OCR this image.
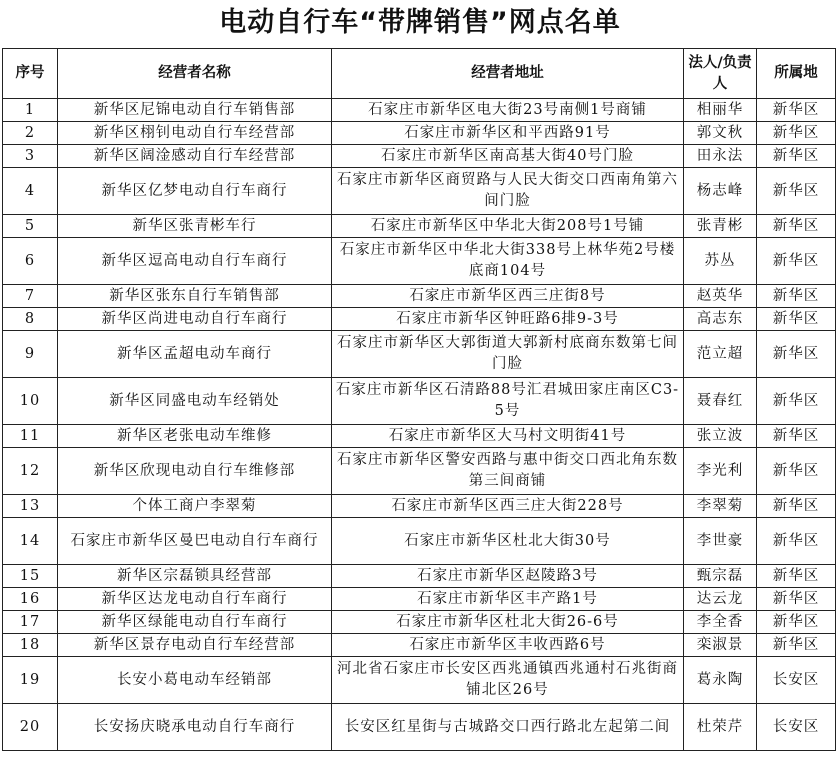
电动自行车“带牌销售”网点名单
序号	经营者名称	经营者地址	法人/负责人	所属地
1	新华区尼锦电动自行车销售部	石家庄市新华区电大街23号南侧1号商铺	相丽华	新华区
2	新华区栩钊电动自行车经营部	石家庄市新华区和平西路91号	郭文秋	新华区
3	新华区阔淦感动自行车经营部	石家庄市新华区南高基大街40号门脸	田永法	新华区
4	新华区亿梦电动自行车商行	石家庄市新华区商贸路与人民大街交口西南角第六间门脸	杨志峰	新华区
5	新华区张青彬车行	石家庄市新华区中华北大街208号1号铺	张青彬	新华区
6	新华区逗高电动自行车商行	石家庄市新华区中华北大街338号上林华苑2号楼底商104号	苏丛	新华区
7	新华区张东自行车销售部	石家庄市新华区西三庄街8号	赵英华	新华区
8	新华区尚进电动自行车商行	石家庄市新华区钟旺路6排9-3号	高志东	新华区
9	新华区孟超电动车商行	石家庄市新华区大郭街道大郭新村底商东数第七间门脸	范立超	新华区
10	新华区同盛电动车经销处	石家庄市新华区石清路88号汇君城田家庄南区C3-5号	聂春红	新华区
11	新华区老张电动车维修	石家庄市新华区大马村文明街41号	张立波	新华区
12	新华区欣现电动自行车维修部	石家庄市新华区警安西路与惠中街交口西北角东数第三间商铺	李光利	新华区
13	个体工商户李翠菊	石家庄市新华区西三庄大街228号	李翠菊	新华区
14	石家庄市新华区曼巴电动自行车商行	石家庄市新华区杜北大街30号	李世豪	新华区
15	新华区宗磊锁具经营部	石家庄市新华区赵陵路3号	甄宗磊	新华区
16	新华区达龙电动自行车商行	石家庄市新华区丰产路1号	达云龙	新华区
17	新华区绿能电动自行车商行	石家庄市新华区杜北大街26-6号	李全香	新华区
18	新华区景存电动自行车经营部	石家庄市新华区丰收西路6号	栾淑景	新华区
19	长安小葛电动车经销部	河北省石家庄市长安区西兆通镇西兆通村石兆街商铺北区26号	葛永陶	长安区
20	长安扬庆晓承电动自行车商行	长安区红星街与古城路交口西行路北左起第二间	杜荣芹	长安区
